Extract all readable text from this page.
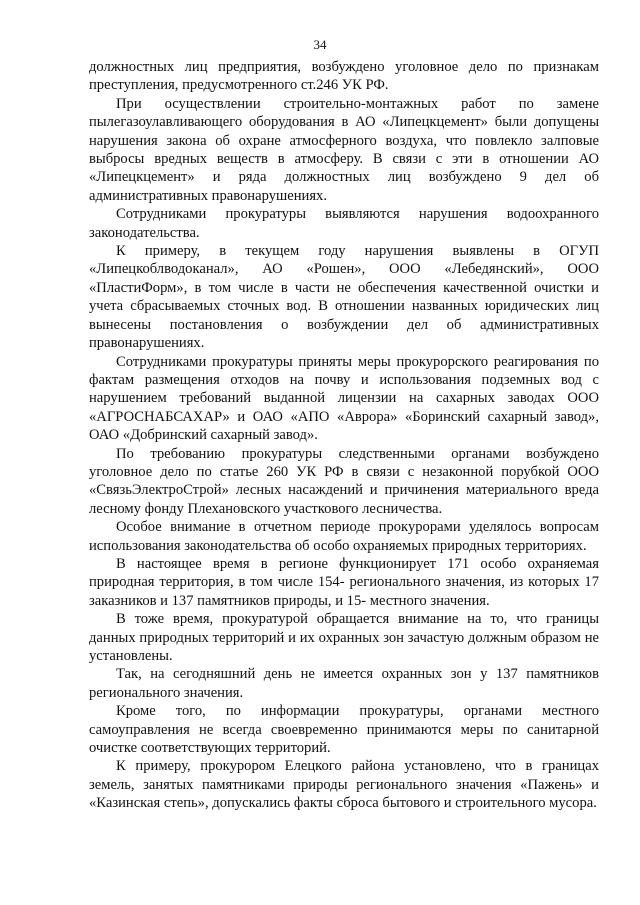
34

должностных лиц предприятия, возбуждено уголовное дело по признакам преступления, предусмотренного ст.246 УК РФ.

При осуществлении строительно-монтажных работ по замене пылегазоулавливающего оборудования в АО «Липецкцемент» были допущены нарушения закона об охране атмосферного воздуха, что повлекло залповые выбросы вредных веществ в атмосферу. В связи с эти в отношении АО «Липецкцемент» и ряда должностных лиц возбуждено 9 дел об административных правонарушениях.

Сотрудниками прокуратуры выявляются нарушения водоохранного законодательства.

К примеру, в текущем году нарушения выявлены в ОГУП «Липецкоблводоканал», АО «Рошен», ООО «Лебедянский», ООО «ПластиФорм», в том числе в части не обеспечения качественной очистки и учета сбрасываемых сточных вод. В отношении названных юридических лиц вынесены постановления о возбуждении дел об административных правонарушениях.

Сотрудниками прокуратуры приняты меры прокурорского реагирования по фактам размещения отходов на почву и использования подземных вод с нарушением требований выданной лицензии на сахарных заводах ООО «АГРОСНАБСАХАР» и ОАО «АПО «Аврора» «Боринский сахарный завод», ОАО «Добринский сахарный завод».

По требованию прокуратуры следственными органами возбуждено уголовное дело по статье 260 УК РФ в связи с незаконной порубкой ООО «СвязьЭлектроСтрой» лесных насаждений и причинения материального вреда лесному фонду Плехановского участкового лесничества.

Особое внимание в отчетном периоде прокурорами уделялось вопросам использования законодательства об особо охраняемых природных территориях.

В настоящее время в регионе функционирует 171 особо охраняемая природная территория, в том числе 154- регионального значения, из которых 17 заказников и 137 памятников природы, и 15- местного значения.

В тоже время, прокуратурой обращается внимание на то, что границы данных природных территорий и их охранных зон зачастую должным образом не установлены.

Так, на сегодняшний день не имеется охранных зон у 137 памятников регионального значения.

Кроме того, по информации прокуратуры, органами местного самоуправления не всегда своевременно принимаются меры по санитарной очистке соответствующих территорий.

К примеру, прокурором Елецкого района установлено, что в границах земель, занятых памятниками природы регионального значения «Пажень» и «Казинская степь», допускались факты сброса бытового и строительного мусора.
